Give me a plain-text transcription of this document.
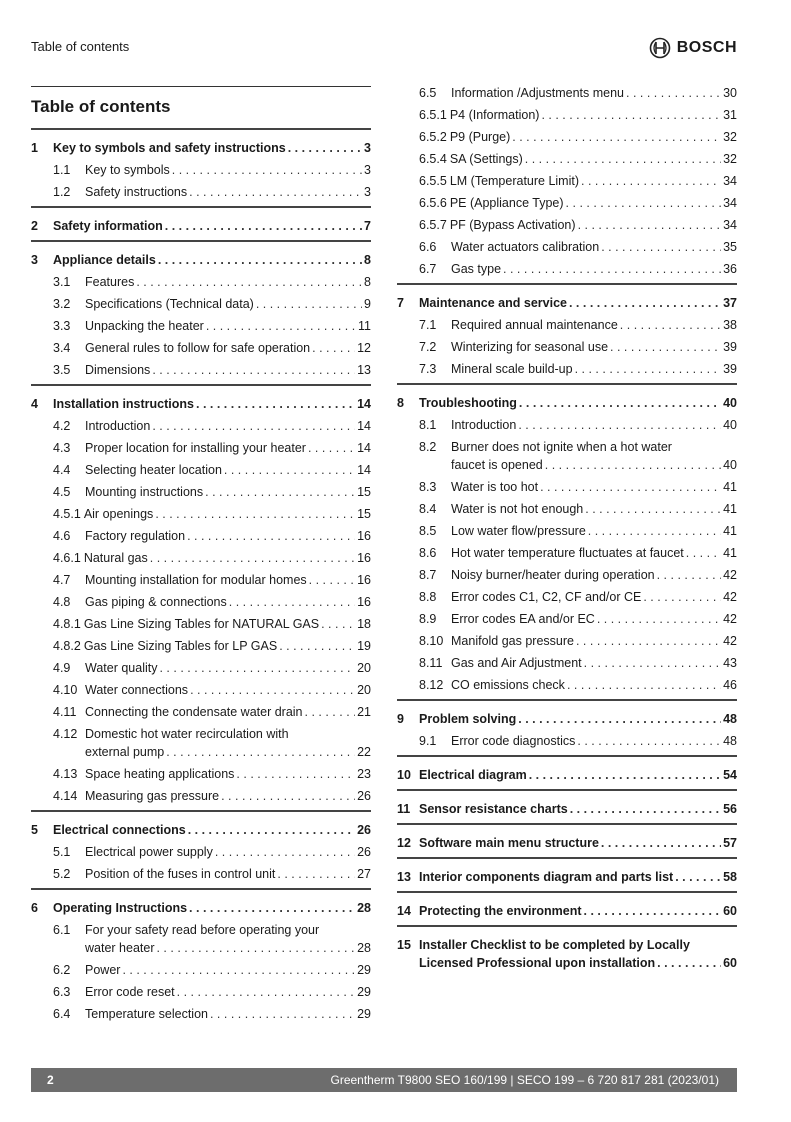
Table of contents	BOSCH
Table of contents
1	Key to symbols and safety instructions . . .	3
1.1	Key to symbols . . .	3
1.2	Safety instructions . . .	3
2	Safety information . . .	7
3	Appliance details . . .	8
3.1	Features . . .	8
3.2	Specifications (Technical data) . . .	9
3.3	Unpacking the heater . . .	11
3.4	General rules to follow for safe operation . . .	12
3.5	Dimensions . . .	13
4	Installation instructions . . .	14
4.2	Introduction . . .	14
4.3	Proper location for installing your heater . . .	14
4.4	Selecting heater location . . .	14
4.5	Mounting instructions . . .	15
4.5.1 Air openings . . .	15
4.6	Factory regulation . . .	16
4.6.1 Natural gas . . .	16
4.7	Mounting installation for modular homes . . .	16
4.8	Gas piping & connections . . .	16
4.8.1 Gas Line Sizing Tables for NATURAL GAS . . .	18
4.8.2 Gas Line Sizing Tables for LP GAS . . .	19
4.9	Water quality . . .	20
4.10 Water connections . . .	20
4.11 Connecting the condensate water drain . . .	21
4.12 Domestic hot water recirculation with
external pump . . .	22
4.13 Space heating applications . . .	23
4.14 Measuring gas pressure . . .	26
5	Electrical connections . . .	26
5.1	Electrical power supply . . .	26
5.2	Position of the fuses in control unit . . .	27
6	Operating Instructions . . .	28
6.1	For your safety read before operating your
water heater . . .	28
6.2	Power . . .	29
6.3	Error code reset . . .	29
6.4	Temperature selection . . .	29
6.5	Information /Adjustments menu . . .	30
6.5.1 P4 (Information) . . .	31
6.5.2 P9 (Purge) . . .	32
6.5.4 SA (Settings) . . .	32
6.5.5 LM (Temperature Limit) . . .	34
6.5.6 PE (Appliance Type) . . .	34
6.5.7 PF (Bypass Activation) . . .	34
6.6	Water actuators calibration . . .	35
6.7	Gas type . . .	36
7	Maintenance and service . . .	37
7.1	Required annual maintenance . . .	38
7.2	Winterizing for seasonal use . . .	39
7.3	Mineral scale build-up . . .	39
8	Troubleshooting . . .	40
8.1	Introduction . . .	40
8.2	Burner does not ignite when a hot water
faucet is opened . . .	40
8.3	Water is too hot . . .	41
8.4	Water is not hot enough . . .	41
8.5	Low water flow/pressure . . .	41
8.6	Hot water temperature fluctuates at faucet . . .	41
8.7	Noisy burner/heater during operation . . .	42
8.8	Error codes C1, C2, CF and/or CE . . .	42
8.9	Error codes EA and/or EC . . .	42
8.10 Manifold gas pressure . . .	42
8.11 Gas and Air Adjustment . . .	43
8.12 CO emissions check . . .	46
9	Problem solving . . .	48
9.1	Error code diagnostics . . .	48
10 Electrical diagram . . .	54
11 Sensor resistance charts . . .	56
12 Software main menu structure . . .	57
13 Interior components diagram and parts list . . .	58
14 Protecting the environment . . .	60
15 Installer Checklist to be completed by Locally
Licensed Professional upon installation . . .	60
2	Greentherm T9800 SEO 160/199 | SECO 199 – 6 720 817 281 (2023/01)
